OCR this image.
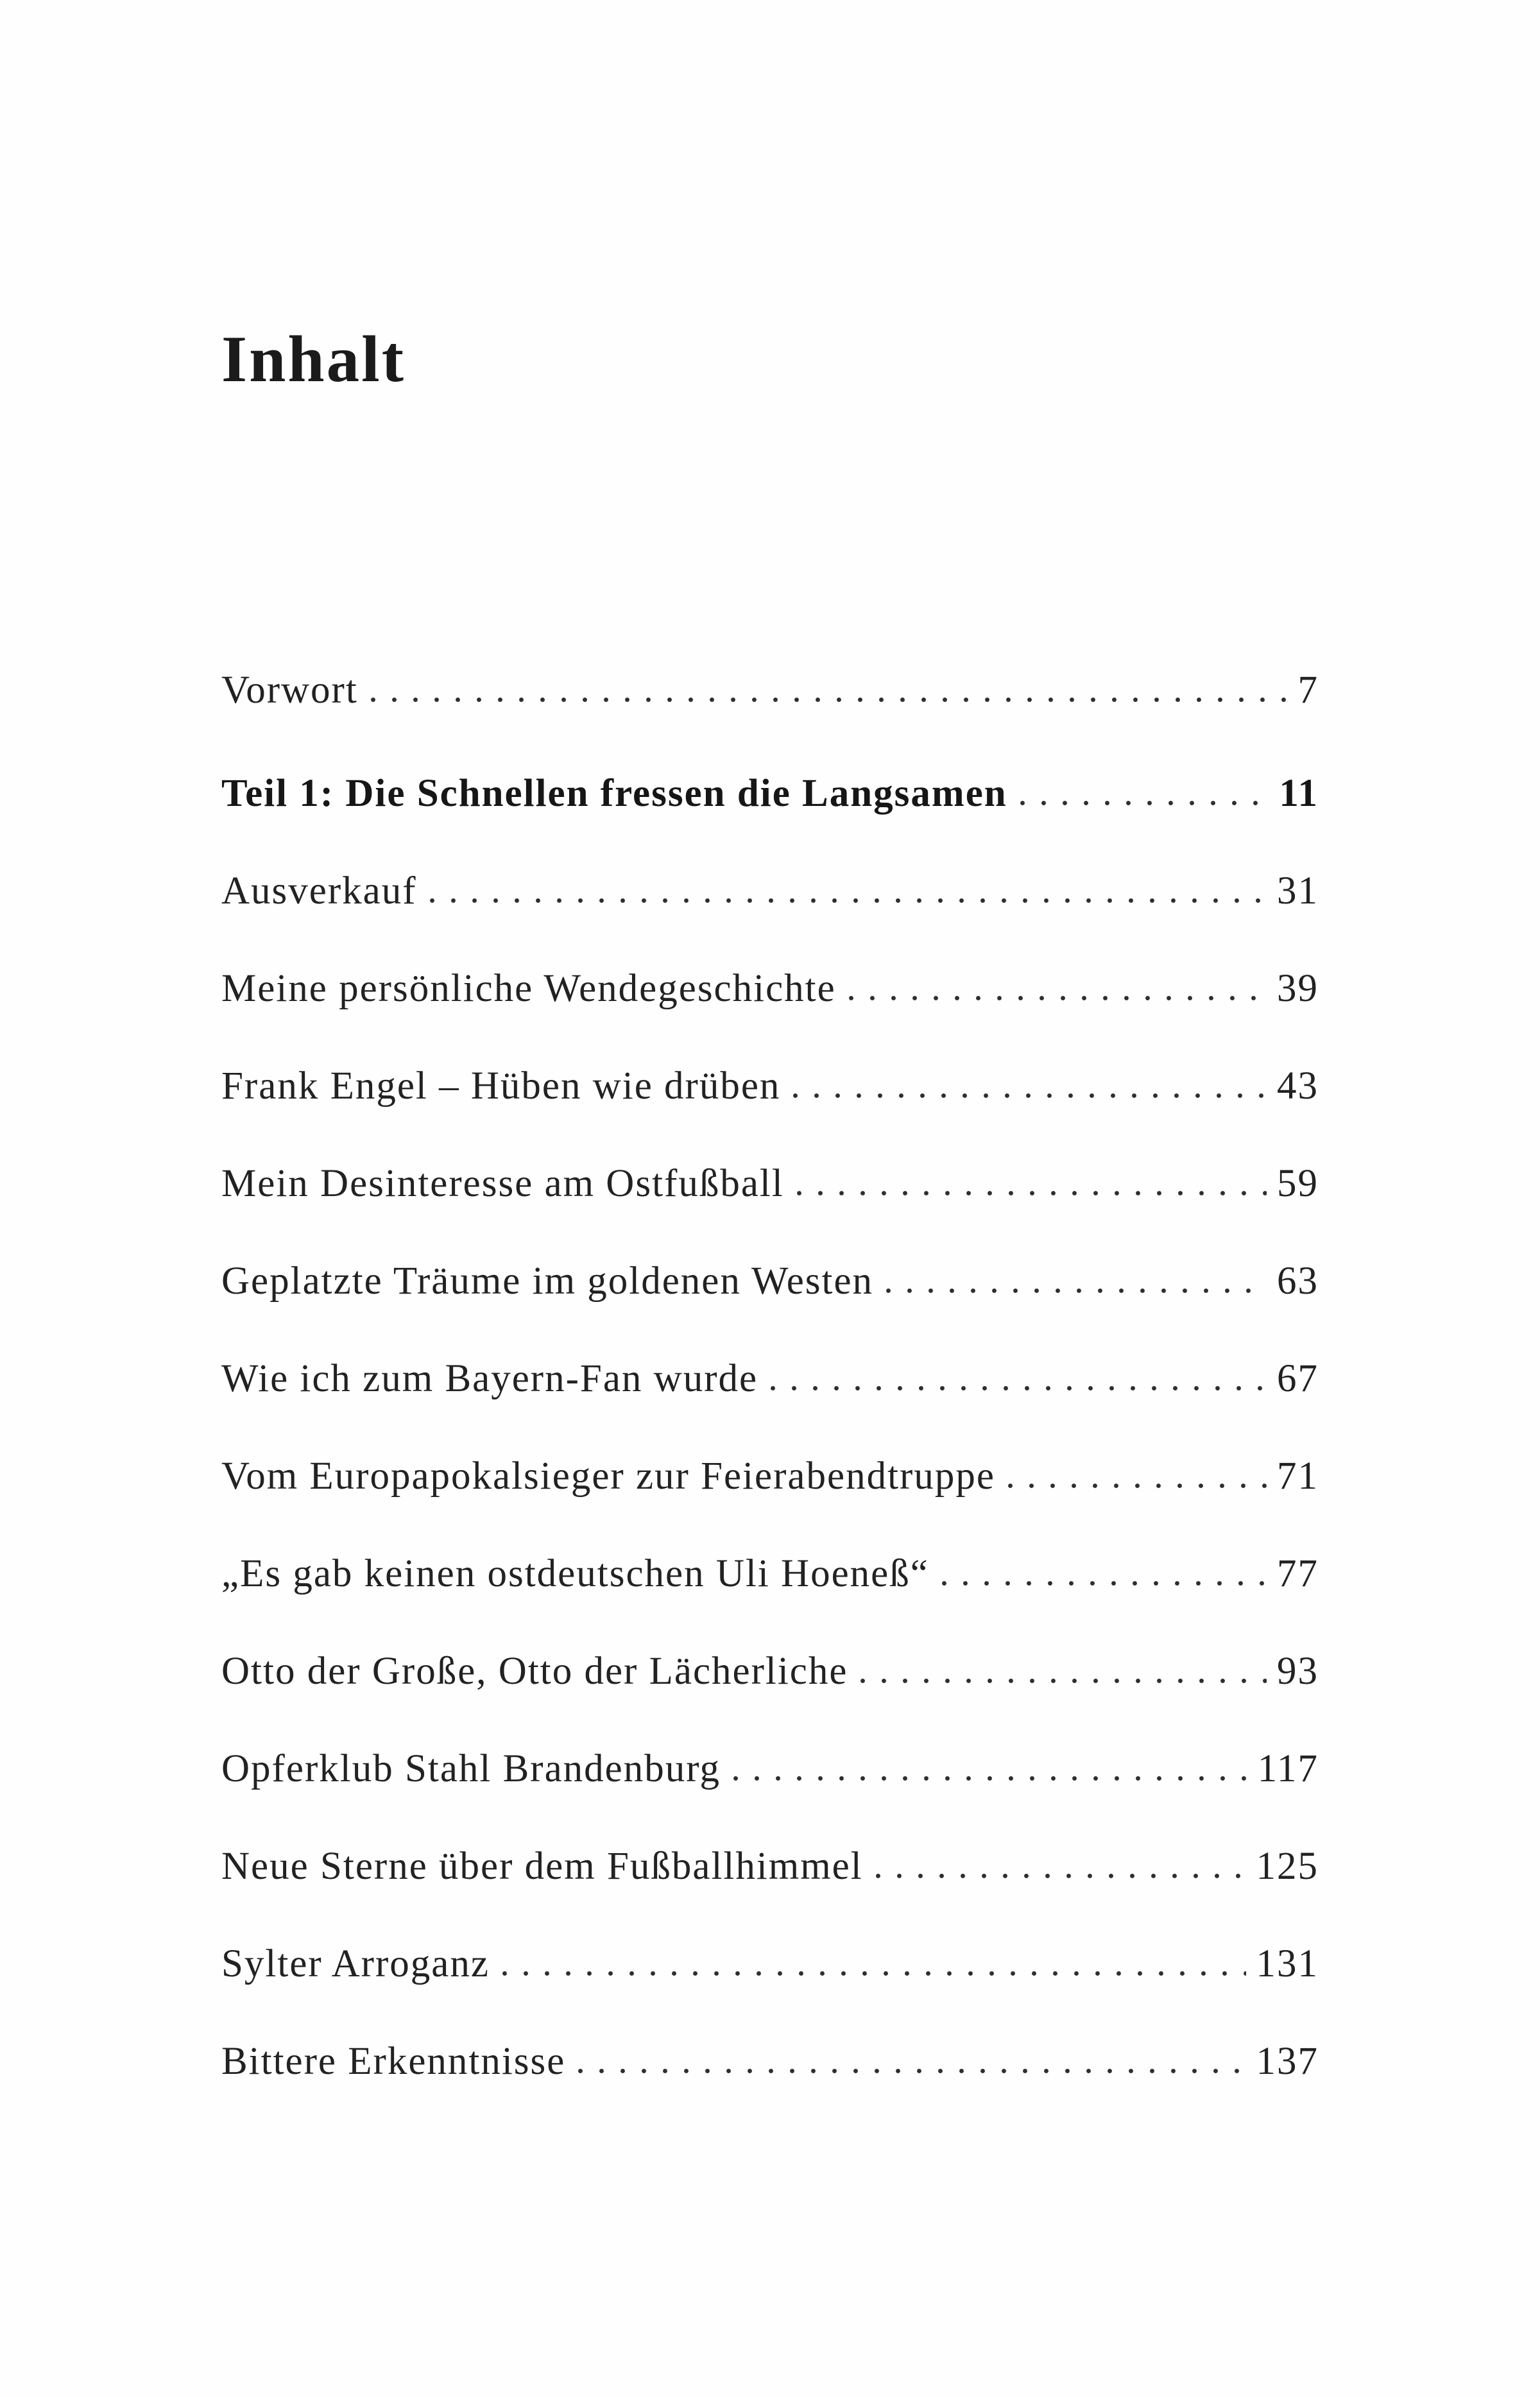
Inhalt
Vorwort	7
Teil 1: Die Schnellen fressen die Langsamen	11
Ausverkauf	31
Meine persönliche Wendegeschichte	39
Frank Engel – Hüben wie drüben	43
Mein Desinteresse am Ostfußball	59
Geplatzte Träume im goldenen Westen	63
Wie ich zum Bayern-Fan wurde	67
Vom Europapokalsieger zur Feierabendtruppe	71
„Es gab keinen ostdeutschen Uli Hoeneß“	77
Otto der Große, Otto der Lächerliche	93
Opferklub Stahl Brandenburg	117
Neue Sterne über dem Fußballhimmel	125
Sylter Arroganz	131
Bittere Erkenntnisse	137
